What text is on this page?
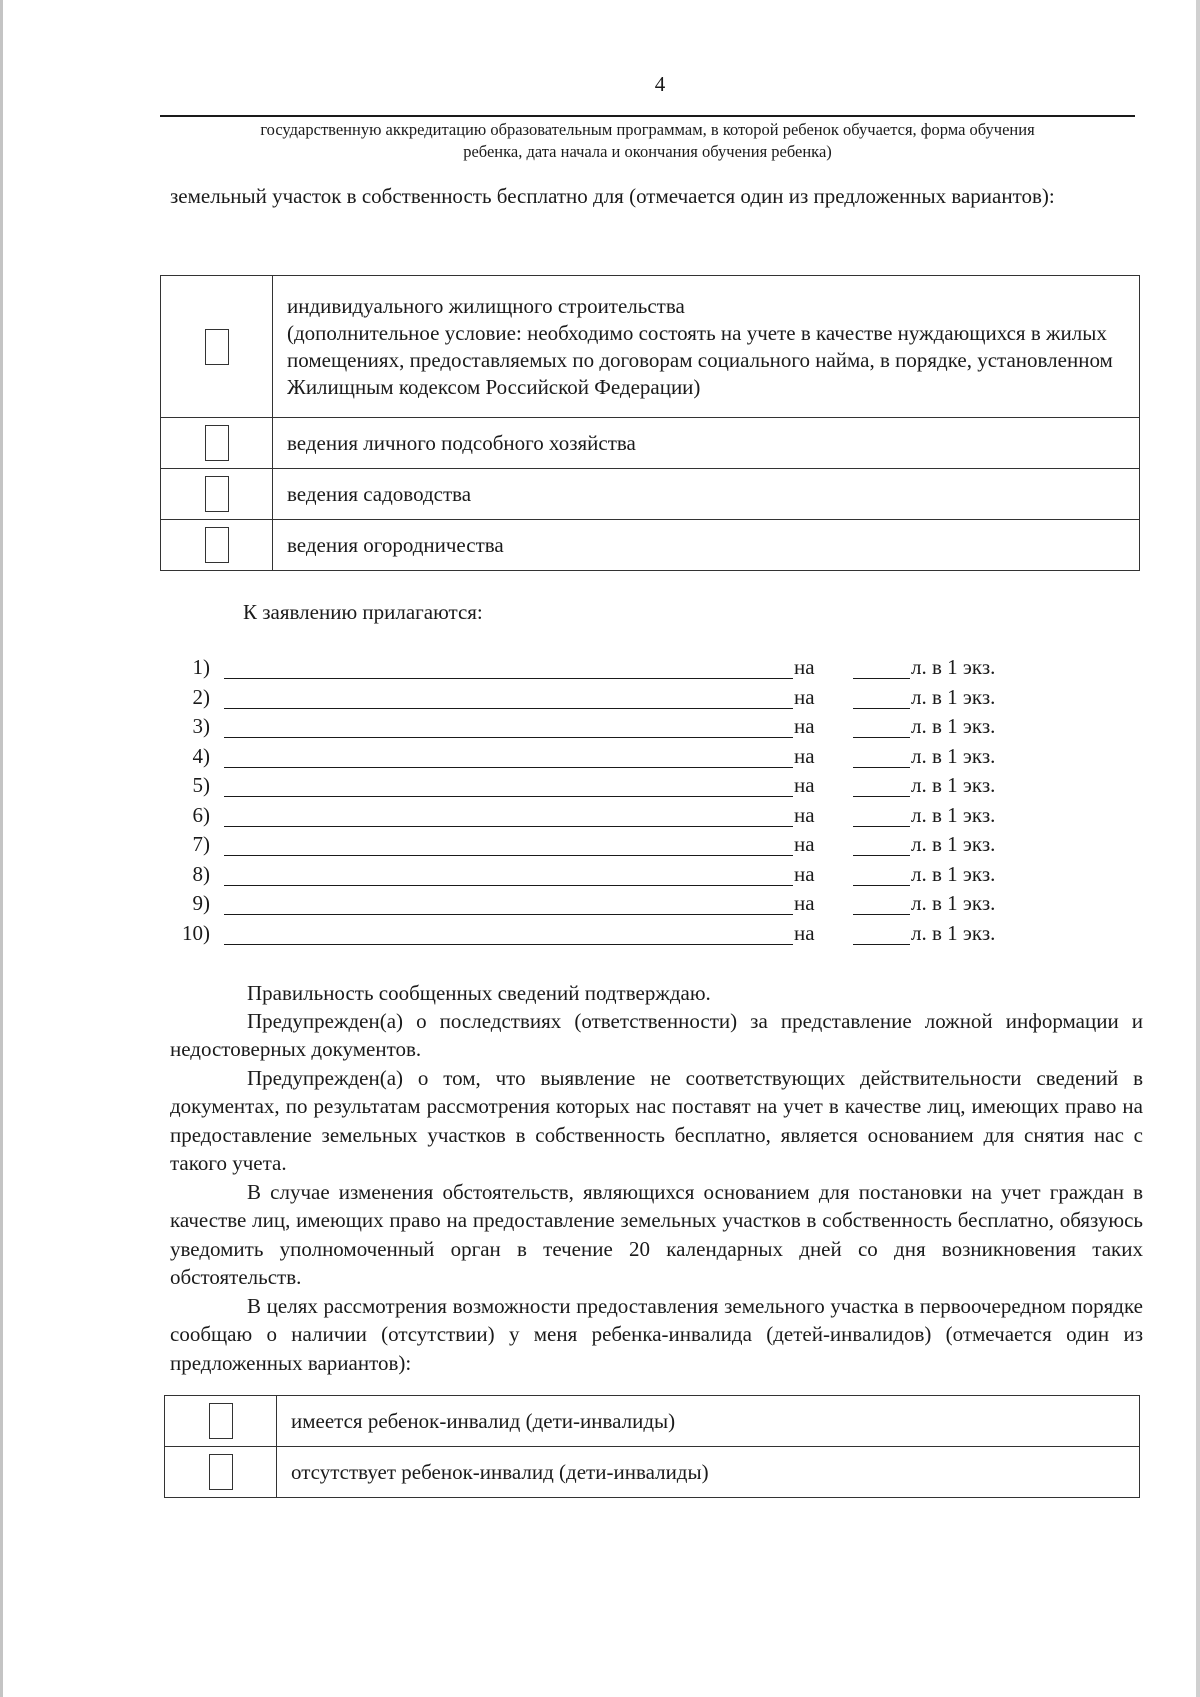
4
государственную аккредитацию образовательным программам, в которой ребенок обучается, форма обучения
ребенка, дата начала и окончания обучения ребенка)

земельный участок в собственность бесплатно для (отмечается один из предложенных вариантов):

	индивидуального жилищного строительства
(дополнительное условие: необходимо состоять на учете в качестве нуждающихся в жилых помещениях, предоставляемых по договорам социального найма, в порядке, установленном Жилищным кодексом Российской Федерации)

	ведения личного подсобного хозяйства
	ведения садоводства
	ведения огородничества

К заявлению прилагаются:

1)	на	л. в 1 экз.
2)	на	л. в 1 экз.
3)	на	л. в 1 экз.
4)	на	л. в 1 экз.
5)	на	л. в 1 экз.
6)	на	л. в 1 экз.
7)	на	л. в 1 экз.
8)	на	л. в 1 экз.
9)	на	л. в 1 экз.
10)	на	л. в 1 экз.

Правильность сообщенных сведений подтверждаю.

Предупрежден(а) о последствиях (ответственности) за представление ложной информации и недостоверных документов.

Предупрежден(а) о том, что выявление не соответствующих действительности сведений в документах, по результатам рассмотрения которых нас поставят на учет в качестве лиц, имеющих право на предоставление земельных участков в собственность бесплатно, является основанием для снятия нас с такого учета.

В случае изменения обстоятельств, являющихся основанием для постановки на учет граждан в качестве лиц, имеющих право на предоставление земельных участков в собственность бесплатно, обязуюсь уведомить уполномоченный орган в течение 20 календарных дней со дня возникновения таких обстоятельств.

В целях рассмотрения возможности предоставления земельного участка в первоочередном порядке сообщаю о наличии (отсутствии) у меня ребенка-инвалида (детей-инвалидов) (отмечается один из предложенных вариантов):

	имеется ребенок-инвалид (дети-инвалиды)
	отсутствует ребенок-инвалид (дети-инвалиды)
